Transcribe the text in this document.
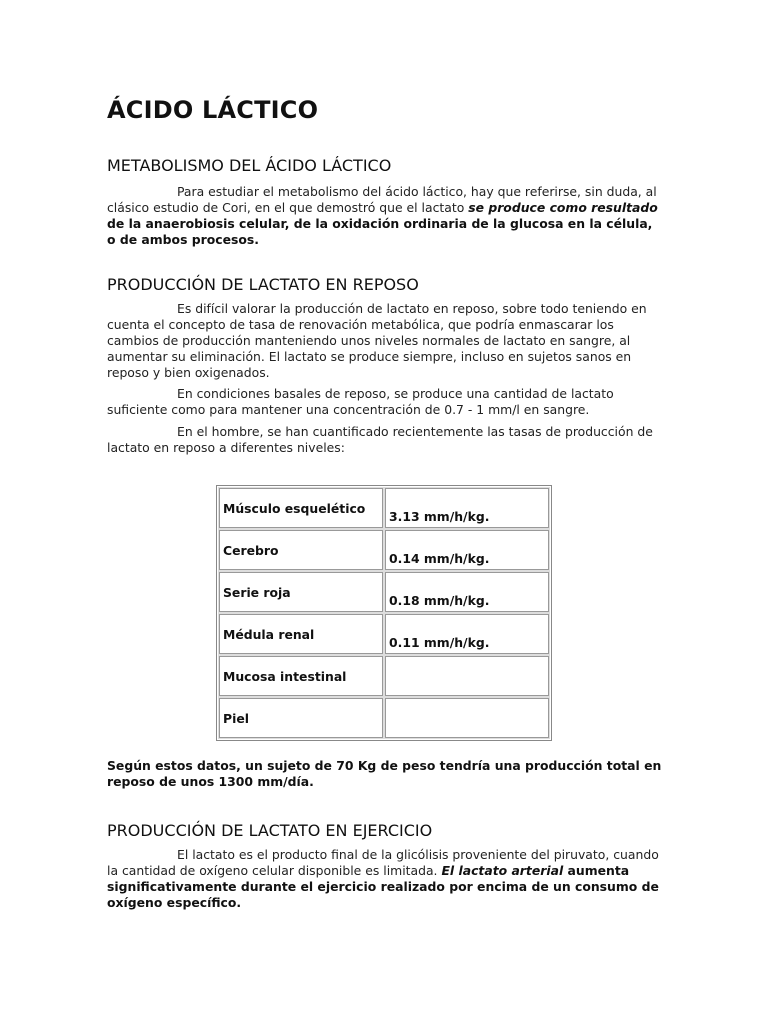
ÁCIDO LÁCTICO
METABOLISMO DEL ÁCIDO LÁCTICO

Para estudiar el metabolismo del ácido láctico, hay que referirse, sin duda, al clásico estudio de Cori, en el que demostró que el lactato se produce como resultado de la anaerobiosis celular, de la oxidación ordinaria de la glucosa en la célula, o de ambos procesos.

PRODUCCIÓN DE LACTATO EN REPOSO

Es difícil valorar la producción de lactato en reposo, sobre todo teniendo en cuenta el concepto de tasa de renovación metabólica, que podría enmascarar los cambios de producción manteniendo unos niveles normales de lactato en sangre, al aumentar su eliminación. El lactato se produce siempre, incluso en sujetos sanos en reposo y bien oxigenados.

En condiciones basales de reposo, se produce una cantidad de lactato suficiente como para mantener una concentración de 0.7 - 1 mm/l en sangre.

En el hombre, se han cuantificado recientemente las tasas de producción de lactato en reposo a diferentes niveles:

Músculo esquelético	3.13 mm/h/kg.
Cerebro	0.14 mm/h/kg.
Serie roja	0.18 mm/h/kg.
Médula renal	0.11 mm/h/kg.
Mucosa intestinal	
Piel	

Según estos datos, un sujeto de 70 Kg de peso tendría una producción total en reposo de unos 1300 mm/día.

PRODUCCIÓN DE LACTATO EN EJERCICIO

El lactato es el producto final de la glicólisis proveniente del piruvato, cuando la cantidad de oxígeno celular disponible es limitada. El lactato arterial aumenta significativamente durante el ejercicio realizado por encima de un consumo de oxígeno específico.
